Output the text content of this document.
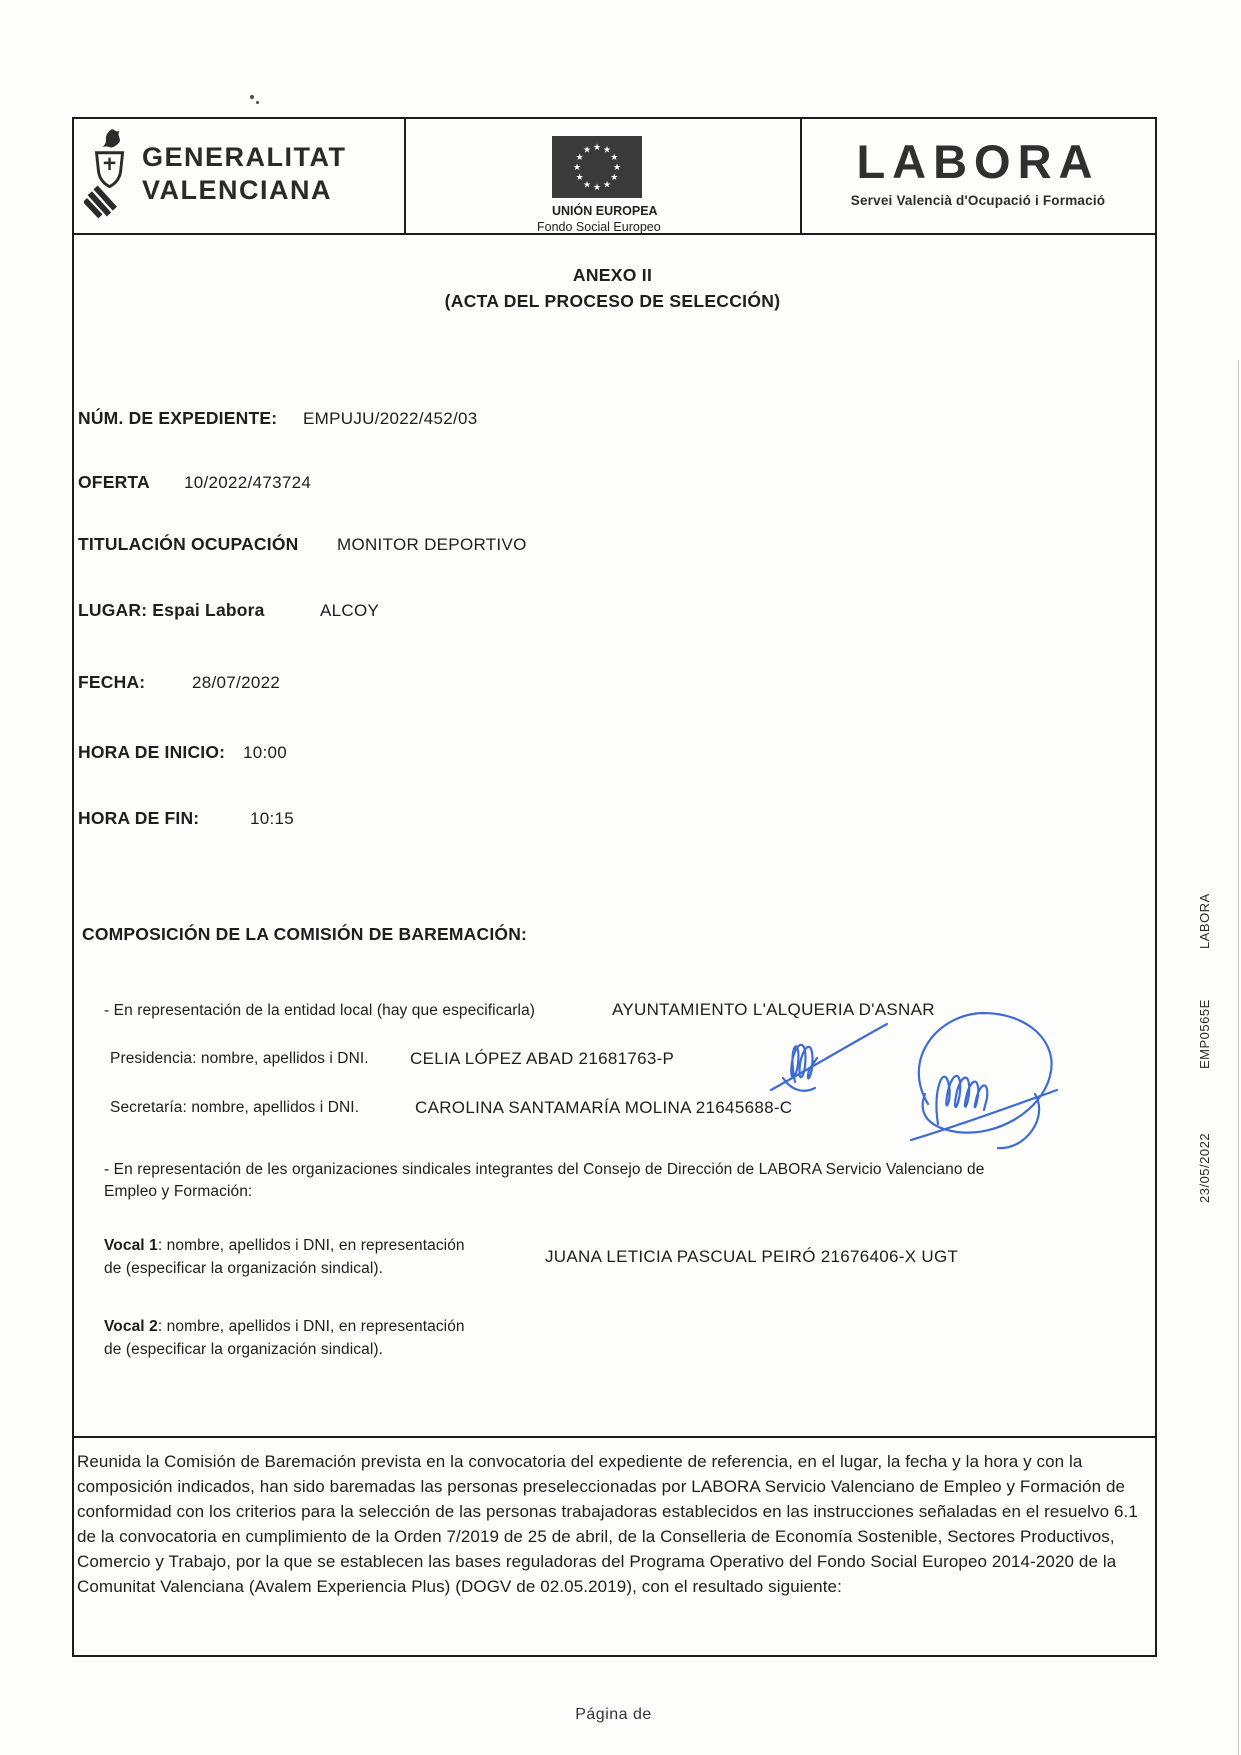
GENERALITAT
VALENCIANA
★ ★
★
★
★
★
★
★
★
★
★
★
UNIÓN EUROPEA
Fondo Social Europeo
LABORA
Servei Valencià d'Ocupació i Formació
ANEXO II
(ACTA DEL PROCESO DE SELECCIÓN)
NÚM. DE EXPEDIENTE: EMPUJU/2022/452/03
OFERTA 10/2022/473724
TITULACIÓN OCUPACIÓN MONITOR DEPORTIVO
LUGAR: Espai Labora	ALCOY
FECHA:	28/07/2022
HORA DE INICIO: 10:00
HORA DE FIN:	10:15
COMPOSICIÓN DE LA COMISIÓN DE BAREMACIÓN:
- En representación de la entidad local (hay que especificarla)	AYUNTAMIENTO L'ALQUERIA D'ASNAR
Presidencia: nombre, apellidos i DNI. CELIA LÓPEZ ABAD 21681763-P
Secretaría: nombre, apellidos i DNI.	CAROLINA SANTAMARÍA MOLINA 21645688-C
- En representación de les organizaciones sindicales integrantes del Consejo de Dirección de LABORA Servicio Valenciano de
Empleo y Formación:
Vocal 1: nombre, apellidos i DNI, en representación
de (especificar la organización sindical).
JUANA LETICIA PASCUAL PEIRÓ 21676406-X UGT
Vocal 2: nombre, apellidos i DNI, en representación
de (especificar la organización sindical).
Reunida la Comisión de Baremación prevista en la convocatoria del expediente de referencia, en el lugar, la fecha y la hora y con la composición indicados, han sido baremadas las personas preseleccionadas por LABORA Servicio Valenciano de Empleo y Formación de conformidad con los criterios para la selección de las personas trabajadoras establecidos en las instrucciones señaladas en el resuelvo 6.1 de la convocatoria en cumplimiento de la Orden 7/2019 de 25 de abril, de la Conselleria de Economía Sostenible, Sectores Productivos, Comercio y Trabajo, por la que se establecen las bases reguladoras del Programa Operativo del Fondo Social Europeo 2014-2020 de la Comunitat Valenciana (Avalem Experiencia Plus) (DOGV de 02.05.2019), con el resultado siguiente:
LABORA
EMP0565E
23/05/2022
Página de
